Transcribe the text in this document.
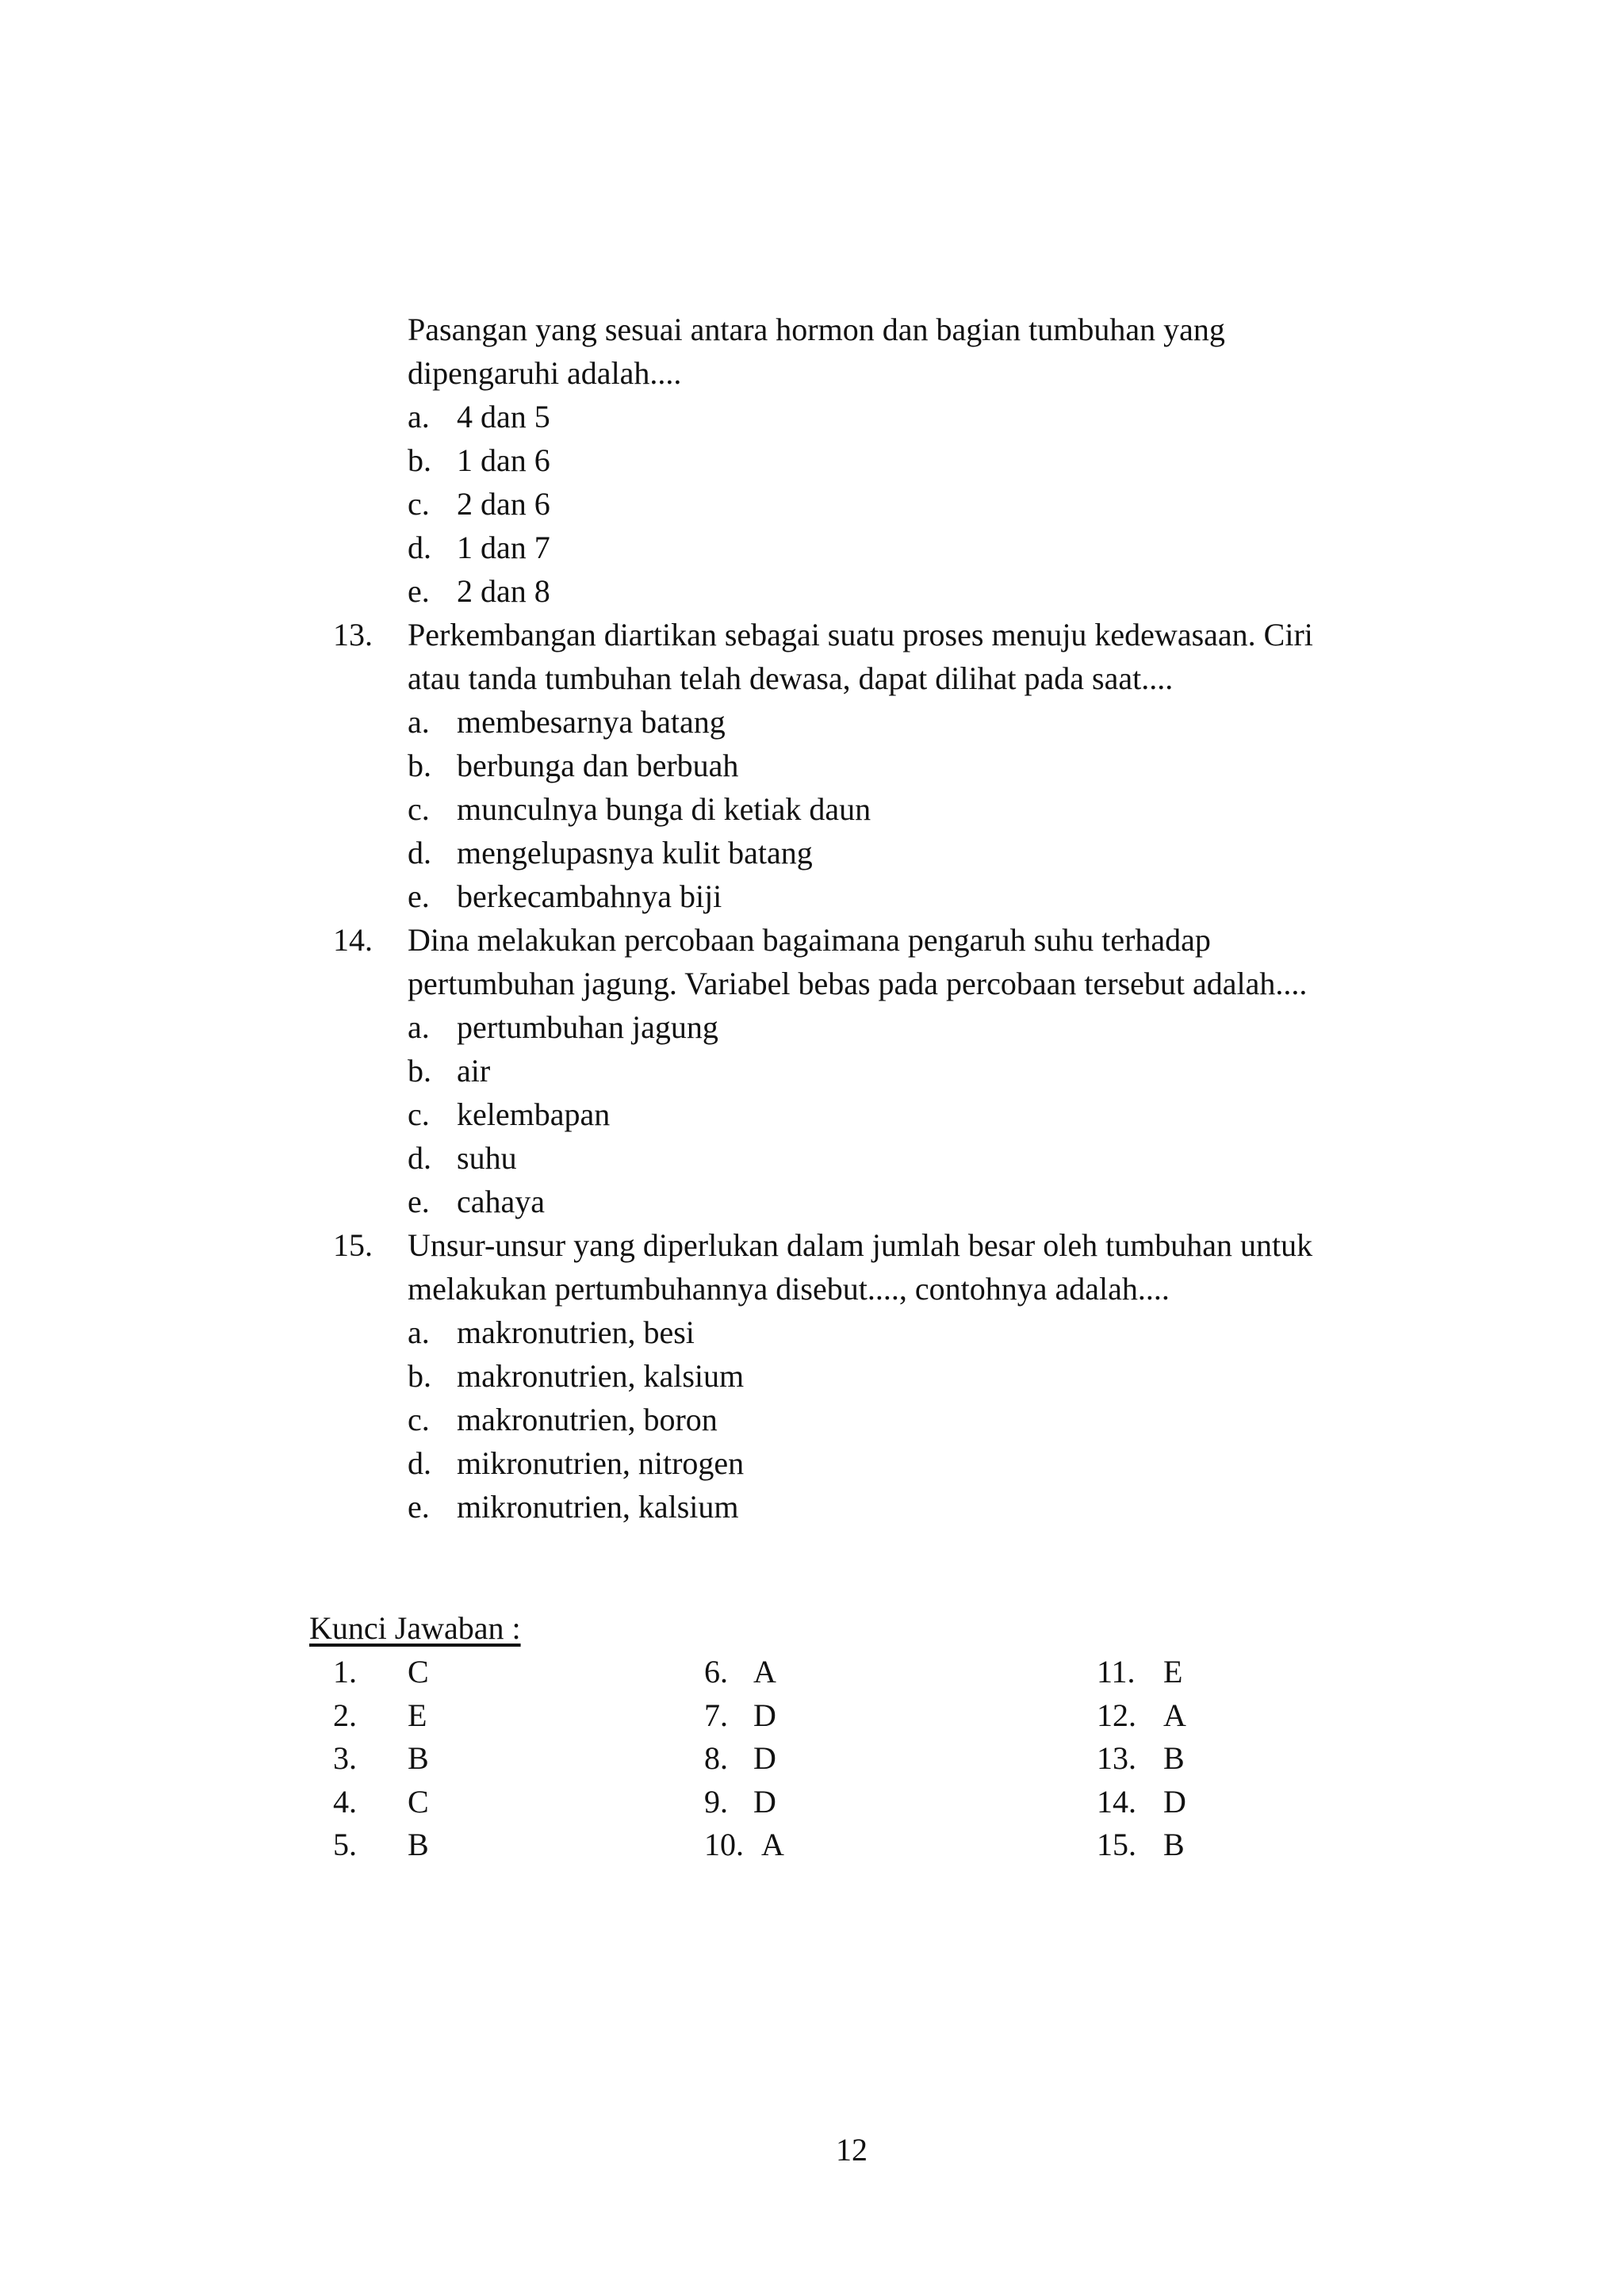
Pasangan yang sesuai antara hormon dan bagian tumbuhan yang
dipengaruhi adalah....
a. 4 dan 5
b. 1 dan 6
c. 2 dan 6
d. 1 dan 7
e. 2 dan 8
13. Perkembangan diartikan sebagai suatu proses menuju kedewasaan. Ciri
atau tanda tumbuhan telah dewasa, dapat dilihat pada saat....
a. membesarnya batang
b. berbunga dan berbuah
c. munculnya bunga di ketiak daun
d. mengelupasnya kulit batang
e. berkecambahnya biji
14. Dina melakukan percobaan bagaimana pengaruh suhu terhadap
pertumbuhan jagung. Variabel bebas pada percobaan tersebut adalah....
a. pertumbuhan jagung
b. air
c. kelembapan
d. suhu
e. cahaya
15. Unsur-unsur yang diperlukan dalam jumlah besar oleh tumbuhan untuk
melakukan pertumbuhannya disebut...., contohnya adalah....
a. makronutrien, besi
b. makronutrien, kalsium
c. makronutrien, boron
d. mikronutrien, nitrogen
e. mikronutrien, kalsium
Kunci Jawaban :
1. C
2. E
3. B
4. C
5. B
6. A
7. D
8. D
9. D
10. A
11. E
12. A
13. B
14. D
15. B
12
